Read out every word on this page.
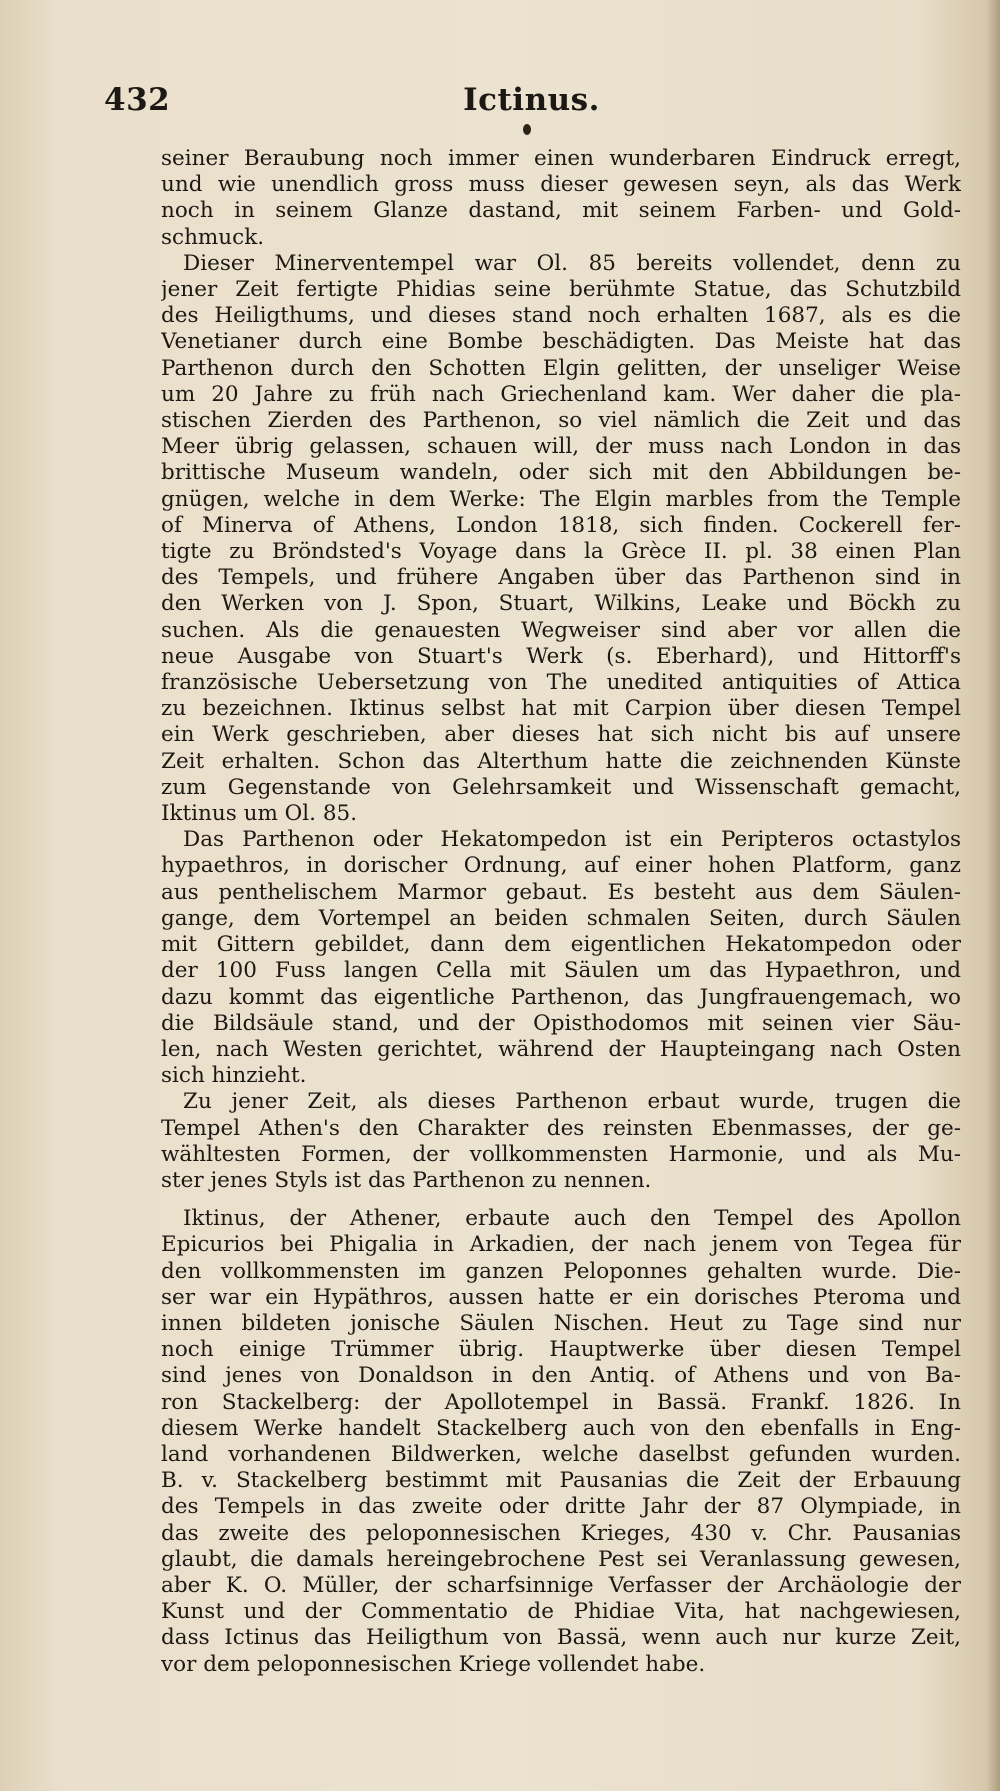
432	Ictinus.
seiner Beraubung noch immer einen wunderbaren Eindruck erregt,
und wie unendlich gross muss dieser gewesen seyn, als das Werk
noch in seinem Glanze dastand, mit seinem Farben- und Gold-
schmuck.
Dieser Minerventempel war Ol. 85 bereits vollendet, denn zu
jener Zeit fertigte Phidias seine berühmte Statue, das Schutzbild
des Heiligthums, und dieses stand noch erhalten 1687, als es die
Venetianer durch eine Bombe beschädigten. Das Meiste hat das
Parthenon durch den Schotten Elgin gelitten, der unseliger Weise
um 20 Jahre zu früh nach Griechenland kam. Wer daher die pla-
stischen Zierden des Parthenon, so viel nämlich die Zeit und das
Meer übrig gelassen, schauen will, der muss nach London in das
brittische Museum wandeln, oder sich mit den Abbildungen be-
gnügen, welche in dem Werke: The Elgin marbles from the Temple
of Minerva of Athens, London 1818, sich finden. Cockerell fer-
tigte zu Bröndsted's Voyage dans la Grèce II. pl. 38 einen Plan
des Tempels, und frühere Angaben über das Parthenon sind in
den Werken von J. Spon, Stuart, Wilkins, Leake und Böckh zu
suchen. Als die genauesten Wegweiser sind aber vor allen die
neue Ausgabe von Stuart's Werk (s. Eberhard), und Hittorff's
französische Uebersetzung von The unedited antiquities of Attica
zu bezeichnen. Iktinus selbst hat mit Carpion über diesen Tempel
ein Werk geschrieben, aber dieses hat sich nicht bis auf unsere
Zeit erhalten. Schon das Alterthum hatte die zeichnenden Künste
zum Gegenstande von Gelehrsamkeit und Wissenschaft gemacht,
Iktinus um Ol. 85.
Das Parthenon oder Hekatompedon ist ein Peripteros octastylos
hypaethros, in dorischer Ordnung, auf einer hohen Platform, ganz
aus penthelischem Marmor gebaut. Es besteht aus dem Säulen-
gange, dem Vortempel an beiden schmalen Seiten, durch Säulen
mit Gittern gebildet, dann dem eigentlichen Hekatompedon oder
der 100 Fuss langen Cella mit Säulen um das Hypaethron, und
dazu kommt das eigentliche Parthenon, das Jungfrauengemach, wo
die Bildsäule stand, und der Opisthodomos mit seinen vier Säu-
len, nach Westen gerichtet, während der Haupteingang nach Osten
sich hinzieht.
Zu jener Zeit, als dieses Parthenon erbaut wurde, trugen die
Tempel Athen's den Charakter des reinsten Ebenmasses, der ge-
wähltesten Formen, der vollkommensten Harmonie, und als Mu-
ster jenes Styls ist das Parthenon zu nennen.
Iktinus, der Athener, erbaute auch den Tempel des Apollon
Epicurios bei Phigalia in Arkadien, der nach jenem von Tegea für
den vollkommensten im ganzen Peloponnes gehalten wurde. Die-
ser war ein Hypäthros, aussen hatte er ein dorisches Pteroma und
innen bildeten jonische Säulen Nischen. Heut zu Tage sind nur
noch einige Trümmer übrig. Hauptwerke über diesen Tempel
sind jenes von Donaldson in den Antiq. of Athens und von Ba-
ron Stackelberg: der Apollotempel in Bassä. Frankf. 1826. In
diesem Werke handelt Stackelberg auch von den ebenfalls in Eng-
land vorhandenen Bildwerken, welche daselbst gefunden wurden.
B. v. Stackelberg bestimmt mit Pausanias die Zeit der Erbauung
des Tempels in das zweite oder dritte Jahr der 87 Olympiade, in
das zweite des peloponnesischen Krieges, 430 v. Chr. Pausanias
glaubt, die damals hereingebrochene Pest sei Veranlassung gewesen,
aber K. O. Müller, der scharfsinnige Verfasser der Archäologie der
Kunst und der Commentatio de Phidiae Vita, hat nachgewiesen,
dass Ictinus das Heiligthum von Bassä, wenn auch nur kurze Zeit,
vor dem peloponnesischen Kriege vollendet habe.
